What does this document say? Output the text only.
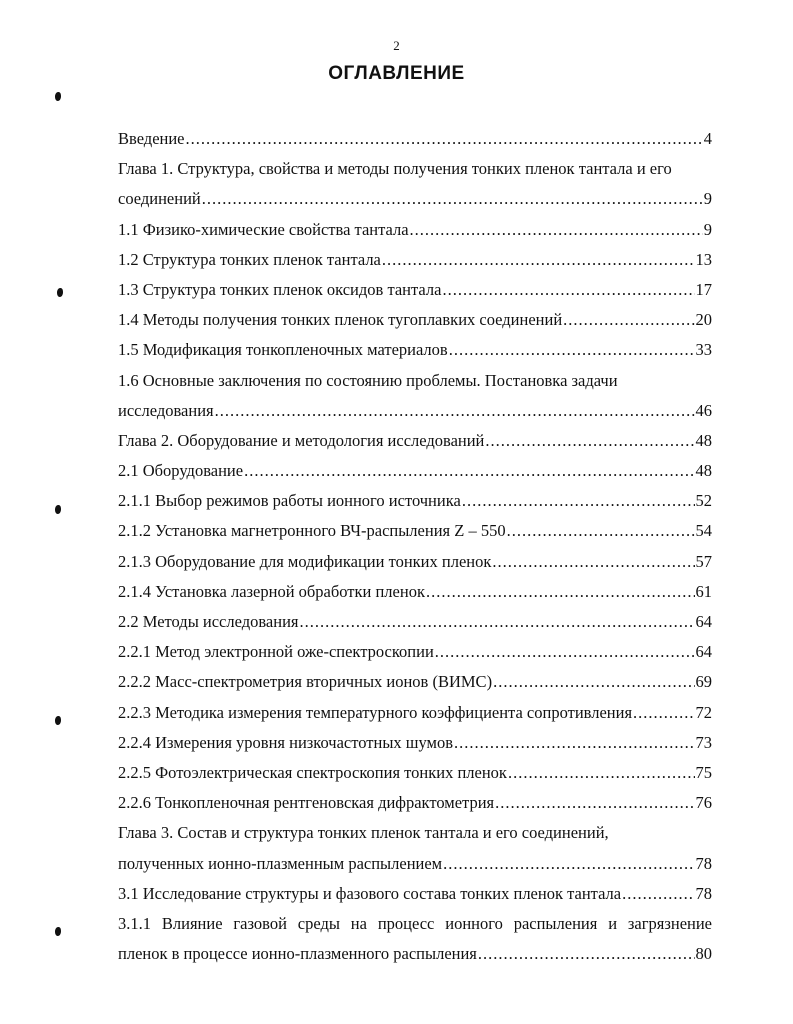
2
ОГЛАВЛЕНИЕ
Введение .....	4
Глава 1. Структура, свойства и методы получения тонких пленок тантала и его
соединений .....	9
1.1 Физико-химические свойства тантала .....	9
1.2 Структура тонких пленок тантала .....	13
1.3 Структура тонких пленок оксидов тантала .....	17
1.4 Методы получения тонких пленок тугоплавких соединений .....	20
1.5 Модификация тонкопленочных материалов .....	33
1.6 Основные заключения по состоянию проблемы. Постановка задачи
исследования .....	46
Глава 2. Оборудование и методология исследований .....	48
2.1 Оборудование .....	48
2.1.1 Выбор режимов работы ионного источника .....	52
2.1.2 Установка магнетронного ВЧ-распыления Z – 550 .....	54
2.1.3 Оборудование для модификации тонких пленок .....	57
2.1.4 Установка лазерной обработки пленок .....	61
2.2 Методы исследования .....	64
2.2.1 Метод электронной оже-спектроскопии .....	64
2.2.2 Масс-спектрометрия вторичных ионов (ВИМС) .....	69
2.2.3 Методика измерения температурного коэффициента сопротивления .....	72
2.2.4 Измерения уровня низкочастотных шумов .....	73
2.2.5 Фотоэлектрическая спектроскопия тонких пленок .....	75
2.2.6 Тонкопленочная рентгеновская дифрактометрия .....	76
Глава 3. Состав и структура тонких пленок тантала и его соединений,
полученных ионно-плазменным распылением .....	78
3.1 Исследование структуры и фазового состава тонких пленок тантала .....	78
3.1.1 Влияние газовой среды на процесс ионного распыления и загрязнение
пленок в процессе ионно-плазменного распыления .....	80
